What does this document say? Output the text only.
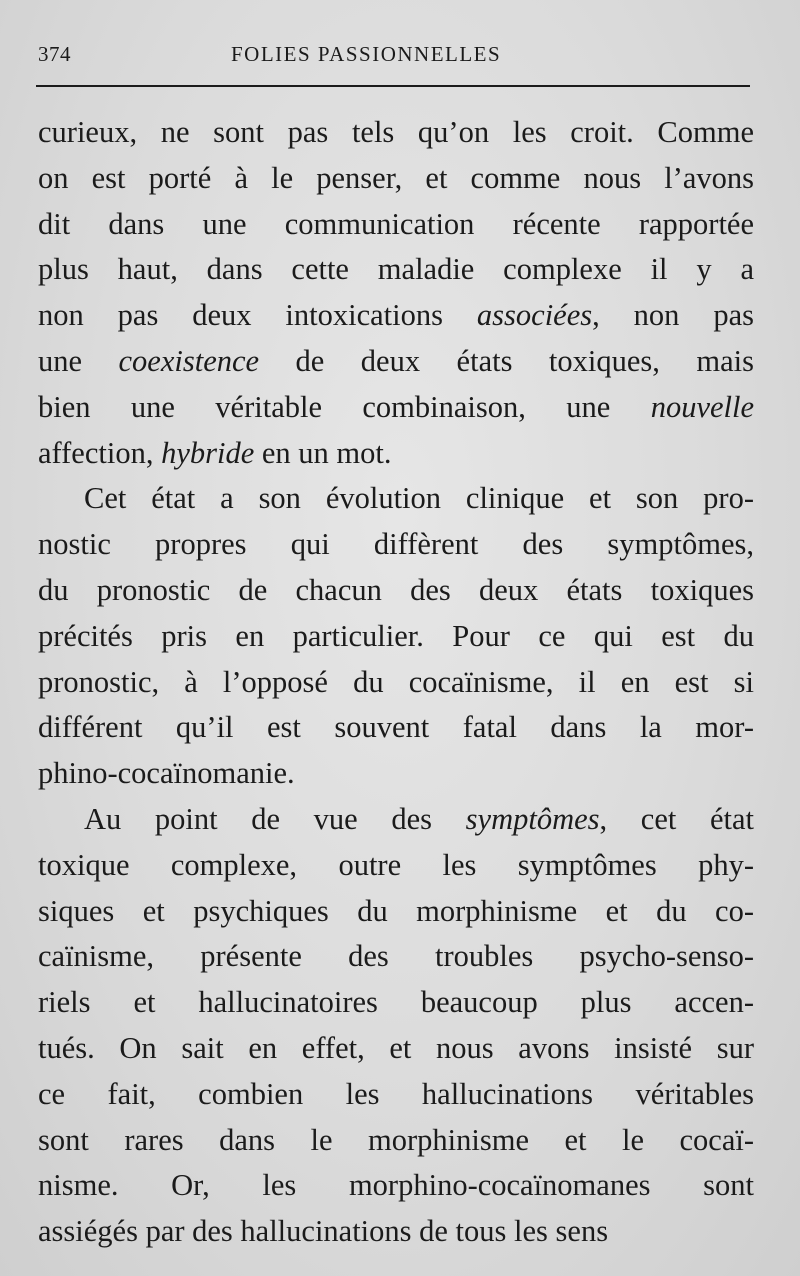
374	FOLIES PASSIONNELLES
curieux, ne sont pas tels qu’on les croit. Comme
on est porté à le penser, et comme nous l’avons
dit dans une communication récente rapportée
plus haut, dans cette maladie complexe il y a
non pas deux intoxications associées, non pas
une coexistence de deux états toxiques, mais
bien une véritable combinaison, une nouvelle
affection, hybride en un mot.
Cet état a son évolution clinique et son pro-
nostic propres qui diffèrent des symptômes,
du pronostic de chacun des deux états toxiques
précités pris en particulier. Pour ce qui est du
pronostic, à l’opposé du cocaïnisme, il en est si
différent qu’il est souvent fatal dans la mor-
phino-cocaïnomanie.
Au point de vue des symptômes, cet état
toxique complexe, outre les symptômes phy-
siques et psychiques du morphinisme et du co-
caïnisme, présente des troubles psycho-senso-
riels et hallucinatoires beaucoup plus accen-
tués. On sait en effet, et nous avons insisté sur
ce fait, combien les hallucinations véritables
sont rares dans le morphinisme et le cocaï-
nisme. Or, les morphino-cocaïnomanes sont
assiégés par des hallucinations de tous les sens
